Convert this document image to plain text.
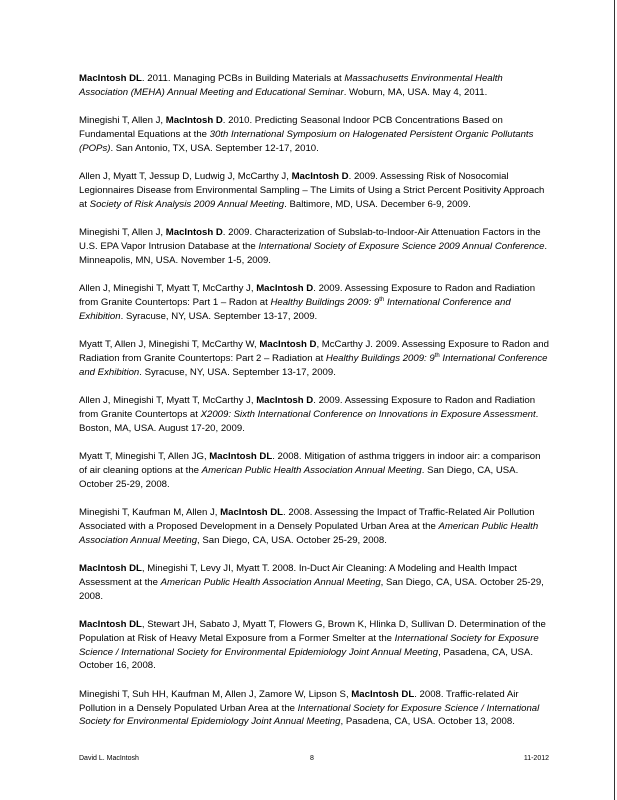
MacIntosh DL. 2011. Managing PCBs in Building Materials at Massachusetts Environmental Health Association (MEHA) Annual Meeting and Educational Seminar. Woburn, MA, USA. May 4, 2011.

Minegishi T, Allen J, MacIntosh D. 2010. Predicting Seasonal Indoor PCB Concentrations Based on Fundamental Equations at the 30th International Symposium on Halogenated Persistent Organic Pollutants (POPs). San Antonio, TX, USA. September 12-17, 2010.

Allen J, Myatt T, Jessup D, Ludwig J, McCarthy J, MacIntosh D. 2009. Assessing Risk of Nosocomial Legionnaires Disease from Environmental Sampling – The Limits of Using a Strict Percent Positivity Approach at Society of Risk Analysis 2009 Annual Meeting. Baltimore, MD, USA. December 6-9, 2009.

Minegishi T, Allen J, MacIntosh D. 2009. Characterization of Subslab-to-Indoor-Air Attenuation Factors in the U.S. EPA Vapor Intrusion Database at the International Society of Exposure Science 2009 Annual Conference. Minneapolis, MN, USA. November 1-5, 2009.

Allen J, Minegishi T, Myatt T, McCarthy J, MacIntosh D. 2009. Assessing Exposure to Radon and Radiation from Granite Countertops: Part 1 – Radon at Healthy Buildings 2009: 9th International Conference and Exhibition. Syracuse, NY, USA. September 13-17, 2009.

Myatt T, Allen J, Minegishi T, McCarthy W, MacIntosh D, McCarthy J. 2009. Assessing Exposure to Radon and Radiation from Granite Countertops: Part 2 – Radiation at Healthy Buildings 2009: 9th International Conference and Exhibition. Syracuse, NY, USA. September 13-17, 2009.

Allen J, Minegishi T, Myatt T, McCarthy J, MacIntosh D. 2009. Assessing Exposure to Radon and Radiation from Granite Countertops at X2009: Sixth International Conference on Innovations in Exposure Assessment. Boston, MA, USA. August 17-20, 2009.

Myatt T, Minegishi T, Allen JG, MacIntosh DL. 2008. Mitigation of asthma triggers in indoor air: a comparison of air cleaning options at the American Public Health Association Annual Meeting. San Diego, CA, USA. October 25-29, 2008.

Minegishi T, Kaufman M, Allen J, MacIntosh DL. 2008. Assessing the Impact of Traffic-Related Air Pollution Associated with a Proposed Development in a Densely Populated Urban Area at the American Public Health Association Annual Meeting, San Diego, CA, USA. October 25-29, 2008.

MacIntosh DL, Minegishi T, Levy JI, Myatt T. 2008. In-Duct Air Cleaning: A Modeling and Health Impact Assessment at the American Public Health Association Annual Meeting, San Diego, CA, USA. October 25-29, 2008.

MacIntosh DL, Stewart JH, Sabato J, Myatt T, Flowers G, Brown K, Hlinka D, Sullivan D. Determination of the Population at Risk of Heavy Metal Exposure from a Former Smelter at the International Society for Exposure Science / International Society for Environmental Epidemiology Joint Annual Meeting, Pasadena, CA, USA. October 16, 2008.

Minegishi T, Suh HH, Kaufman M, Allen J, Zamore W, Lipson S, MacIntosh DL. 2008. Traffic-related Air Pollution in a Densely Populated Urban Area at the International Society for Exposure Science / International Society for Environmental Epidemiology Joint Annual Meeting, Pasadena, CA, USA. October 13, 2008.

David L. MacIntosh	8	11-2012
